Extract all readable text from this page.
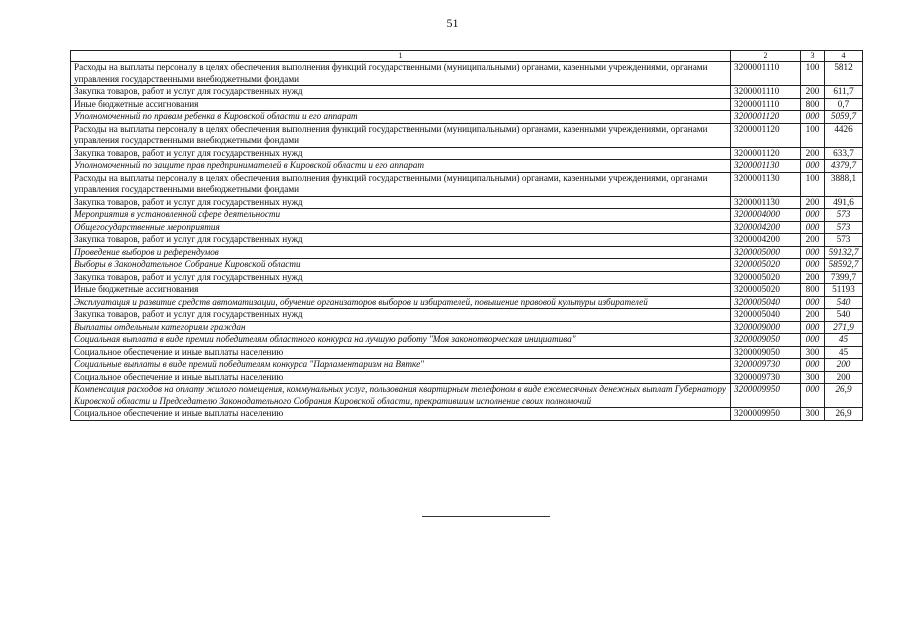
51
1	2	3	4
Расходы на выплаты персоналу в целях обеспечения выполнения функций государственными (муниципальными) органами, казенными учреждениями, органами управления государственными внебюджетными фондами	3200001110	100	5812
Закупка товаров, работ и услуг для государственных нужд	3200001110	200	611,7
Иные бюджетные ассигнования	3200001110	800	0,7
Уполномоченный по правам ребенка в Кировской области и его аппарат	3200001120	000	5059,7
Расходы на выплаты персоналу в целях обеспечения выполнения функций государственными (муниципальными) органами, казенными учреждениями, органами управления государственными внебюджетными фондами	3200001120	100	4426
Закупка товаров, работ и услуг для государственных нужд	3200001120	200	633,7
Уполномоченный по защите прав предпринимателей в Кировской области и его аппарат	3200001130	000	4379,7
Расходы на выплаты персоналу в целях обеспечения выполнения функций государственными (муниципальными) органами, казенными учреждениями, органами управления государственными внебюджетными фондами	3200001130	100	3888,1
Закупка товаров, работ и услуг для государственных нужд	3200001130	200	491,6
Мероприятия в установленной сфере деятельности	3200004000	000	573
Общегосударственные мероприятия	3200004200	000	573
Закупка товаров, работ и услуг для государственных нужд	3200004200	200	573
Проведение выборов и референдумов	3200005000	000	59132,7
Выборы в Законодательное Собрание Кировской области	3200005020	000	58592,7
Закупка товаров, работ и услуг для государственных нужд	3200005020	200	7399,7
Иные бюджетные ассигнования	3200005020	800	51193
Эксплуатация и развитие средств автоматизации, обучение организаторов выборов и избирателей, повышение правовой культуры избирателей	3200005040	000	540
Закупка товаров, работ и услуг для государственных нужд	3200005040	200	540
Выплаты отдельным категориям граждан	3200009000	000	271,9
Социальная выплата в виде премии победителям областного конкурса на лучшую работу "Моя законотворческая инициатива"	3200009050	000	45
Социальное обеспечение и иные выплаты населению	3200009050	300	45
Социальные выплаты в виде премий победителям конкурса "Парламентаризм на Вятке"	3200009730	000	200
Социальное обеспечение и иные выплаты населению	3200009730	300	200
Компенсация расходов на оплату жилого помещения, коммунальных услуг, пользования квартирным телефоном в виде ежемесячных денежных выплат Губернатору Кировской области и Председателю Законодательного Собрания Кировской области, прекратившим исполнение своих полномочий	3200009950	000	26,9
Социальное обеспечение и иные выплаты населению	3200009950	300	26,9
